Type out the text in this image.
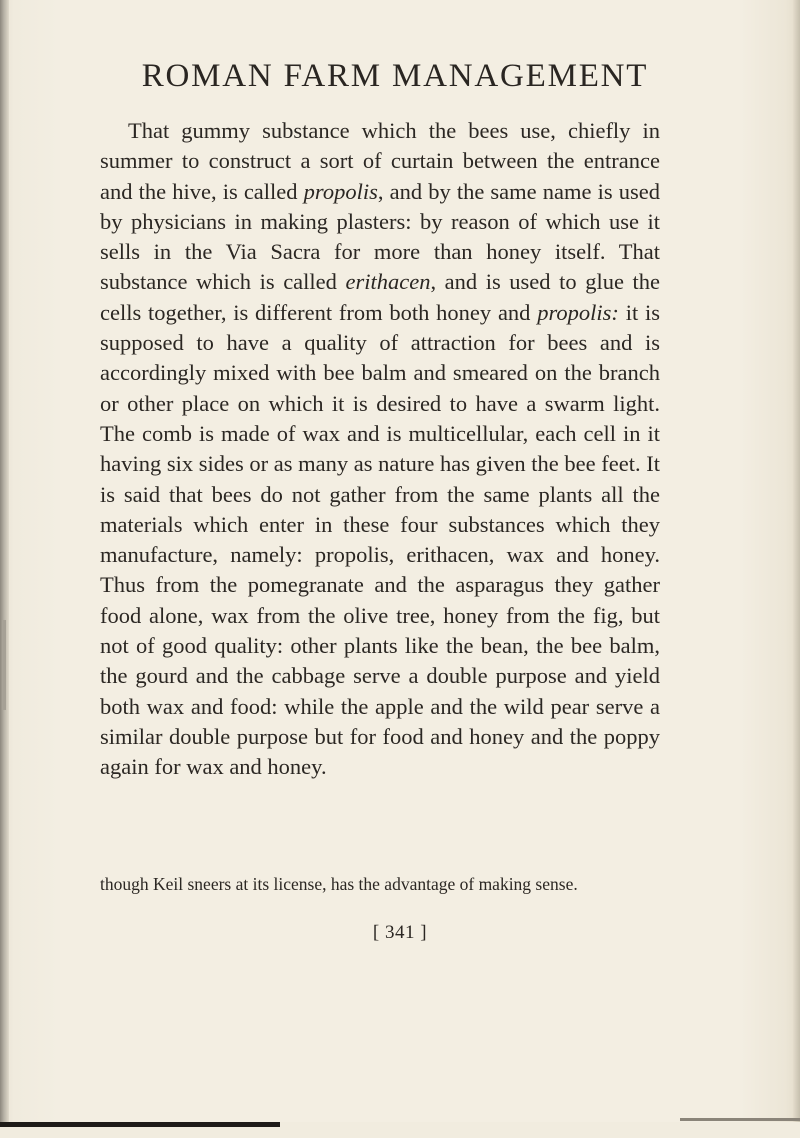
ROMAN FARM MANAGEMENT

That gummy substance which the bees use, chiefly in summer to construct a sort of curtain between the entrance and the hive, is called propolis, and by the same name is used by physicians in making plasters: by reason of which use it sells in the Via Sacra for more than honey itself. That substance which is called erithacen, and is used to glue the cells together, is different from both honey and propolis: it is supposed to have a quality of attraction for bees and is accordingly mixed with bee balm and smeared on the branch or other place on which it is desired to have a swarm light. The comb is made of wax and is multicellular, each cell in it having six sides or as many as nature has given the bee feet. It is said that bees do not gather from the same plants all the materials which enter in these four substances which they manufacture, namely: propolis, erithacen, wax and honey. Thus from the pomegranate and the asparagus they gather food alone, wax from the olive tree, honey from the fig, but not of good quality: other plants like the bean, the bee balm, the gourd and the cabbage serve a double purpose and yield both wax and food: while the apple and the wild pear serve a similar double purpose but for food and honey and the poppy again for wax and honey.

though Keil sneers at its license, has the advantage of making sense.

[ 341 ]
